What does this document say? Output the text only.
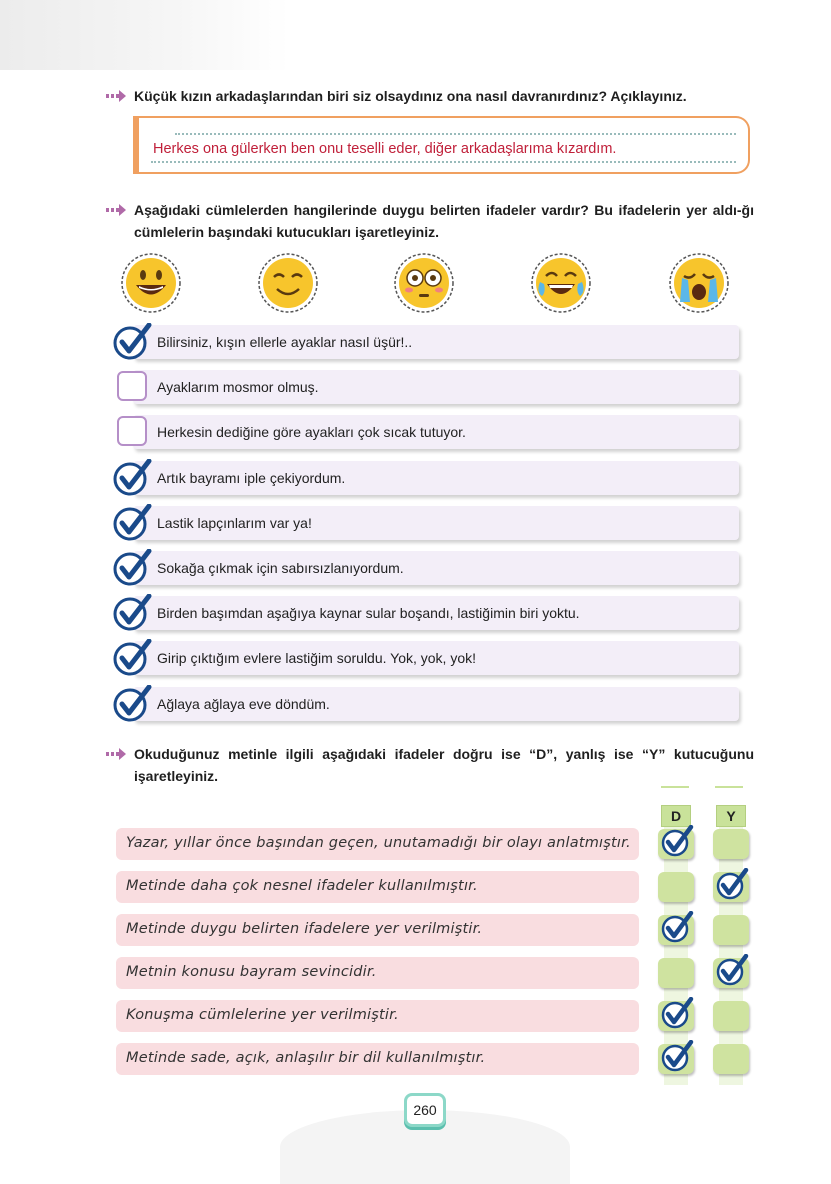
Küçük kızın arkadaşlarından biri siz olsaydınız ona nasıl davranırdınız? Açıklayınız.
Herkes ona gülerken ben onu teselli eder, diğer arkadaşlarıma kızardım.
Aşağıdaki cümlelerden hangilerinde duygu belirten ifadeler vardır? Bu ifadelerin yer aldı-ğı cümlelerin başındaki kutucukları işaretleyiniz.
Bilirsiniz, kışın ellerle ayaklar nasıl üşür!..
Ayaklarım mosmor olmuş.
Herkesin dediğine göre ayakları çok sıcak tutuyor.
Artık bayramı iple çekiyordum.
Lastik lapçınlarım var ya!
Sokağa çıkmak için sabırsızlanıyordum.
Birden başımdan aşağıya kaynar sular boşandı, lastiğimin biri yoktu.
Girip çıktığım evlere lastiğim soruldu. Yok, yok, yok!
Ağlaya ağlaya eve döndüm.
Okuduğunuz metinle ilgili aşağıdaki ifadeler doğru ise “D”, yanlış ise “Y” kutucuğunu işaretleyiniz.
D	Y
Yazar, yıllar önce başından geçen, unutamadığı bir olayı anlatmıştır.
Metinde daha çok nesnel ifadeler kullanılmıştır.
Metinde duygu belirten ifadelere yer verilmiştir.
Metnin konusu bayram sevincidir.
Konuşma cümlelerine yer verilmiştir.
Metinde sade, açık, anlaşılır bir dil kullanılmıştır.
260
